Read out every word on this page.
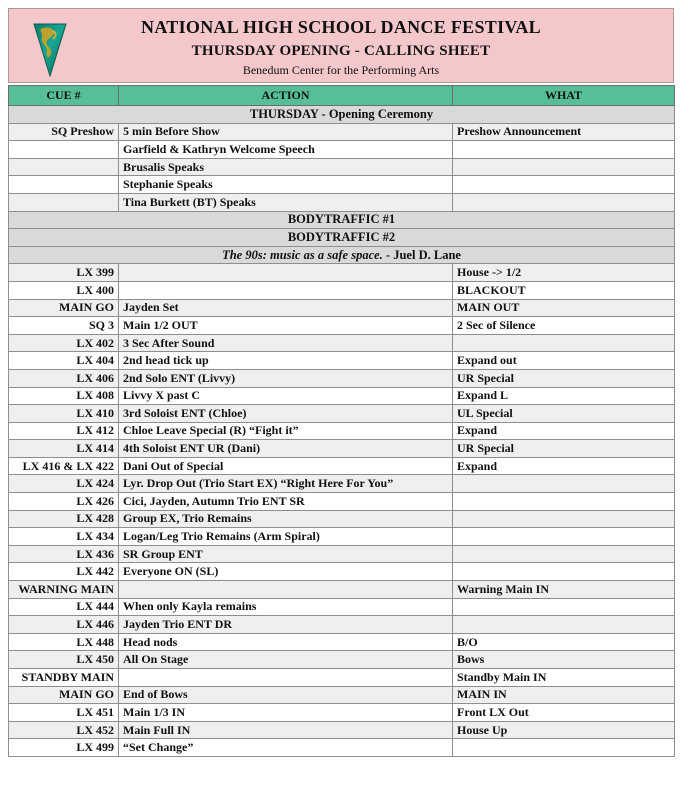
NATIONAL HIGH SCHOOL DANCE FESTIVAL
THURSDAY OPENING - CALLING SHEET
Benedum Center for the Performing Arts
CUE #	ACTION	WHAT
THURSDAY - Opening Ceremony		
SQ Preshow	5 min Before Show	Preshow Announcement
	Garfield & Kathryn Welcome Speech	
	Brusalis Speaks	
	Stephanie Speaks	
	Tina Burkett (BT) Speaks	
BODYTRAFFIC #1		
BODYTRAFFIC #2		
The 90s: music as a safe space. - Juel D. Lane		
LX 399		House -> 1/2
LX 400		BLACKOUT
MAIN GO	Jayden Set	MAIN OUT
SQ 3	Main 1/2 OUT	2 Sec of Silence
LX 402	3 Sec After Sound	
LX 404	2nd head tick up	Expand out
LX 406	2nd Solo ENT (Livvy)	UR Special
LX 408	Livvy X past C	Expand L
LX 410	3rd Soloist ENT (Chloe)	UL Special
LX 412	Chloe Leave Special (R) “Fight it”	Expand
LX 414	4th Soloist ENT UR (Dani)	UR Special
LX 416 & LX 422	Dani Out of Special	Expand
LX 424	Lyr. Drop Out (Trio Start EX) “Right Here For You”	
LX 426	Cici, Jayden, Autumn Trio ENT SR	
LX 428	Group EX, Trio Remains	
LX 434	Logan/Leg Trio Remains (Arm Spiral)	
LX 436	SR Group ENT	
LX 442	Everyone ON (SL)	
WARNING MAIN		Warning Main IN
LX 444	When only Kayla remains	
LX 446	Jayden Trio ENT DR	
LX 448	Head nods	B/O
LX 450	All On Stage	Bows
STANDBY MAIN		Standby Main IN
MAIN GO	End of Bows	MAIN IN
LX 451	Main 1/3 IN	Front LX Out
LX 452	Main Full IN	House Up
LX 499	“Set Change”	
